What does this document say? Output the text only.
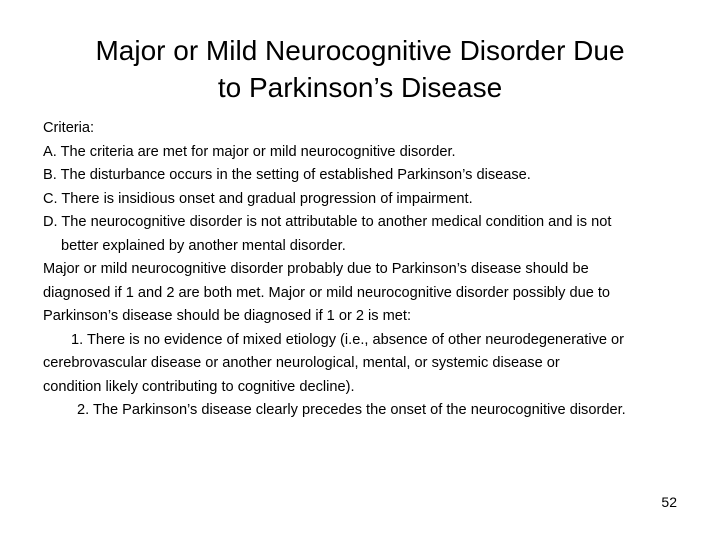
Major or Mild Neurocognitive Disorder Due
to Parkinson’s Disease
Criteria:
A. The criteria are met for major or mild neurocognitive disorder.
B. The disturbance occurs in the setting of established Parkinson’s disease.
C. There is insidious onset and gradual progression of impairment.
D. The neurocognitive disorder is not attributable to another medical condition and is not
better explained by another mental disorder.
Major or mild neurocognitive disorder probably due to Parkinson’s disease should be
diagnosed if 1 and 2 are both met. Major or mild neurocognitive disorder possibly due to
Parkinson’s disease should be diagnosed if 1 or 2 is met:
1. There is no evidence of mixed etiology (i.e., absence of other neurodegenerative or
cerebrovascular disease or another neurological, mental, or systemic disease or
condition likely contributing to cognitive decline).
2. The Parkinson’s disease clearly precedes the onset of the neurocognitive disorder.
52
